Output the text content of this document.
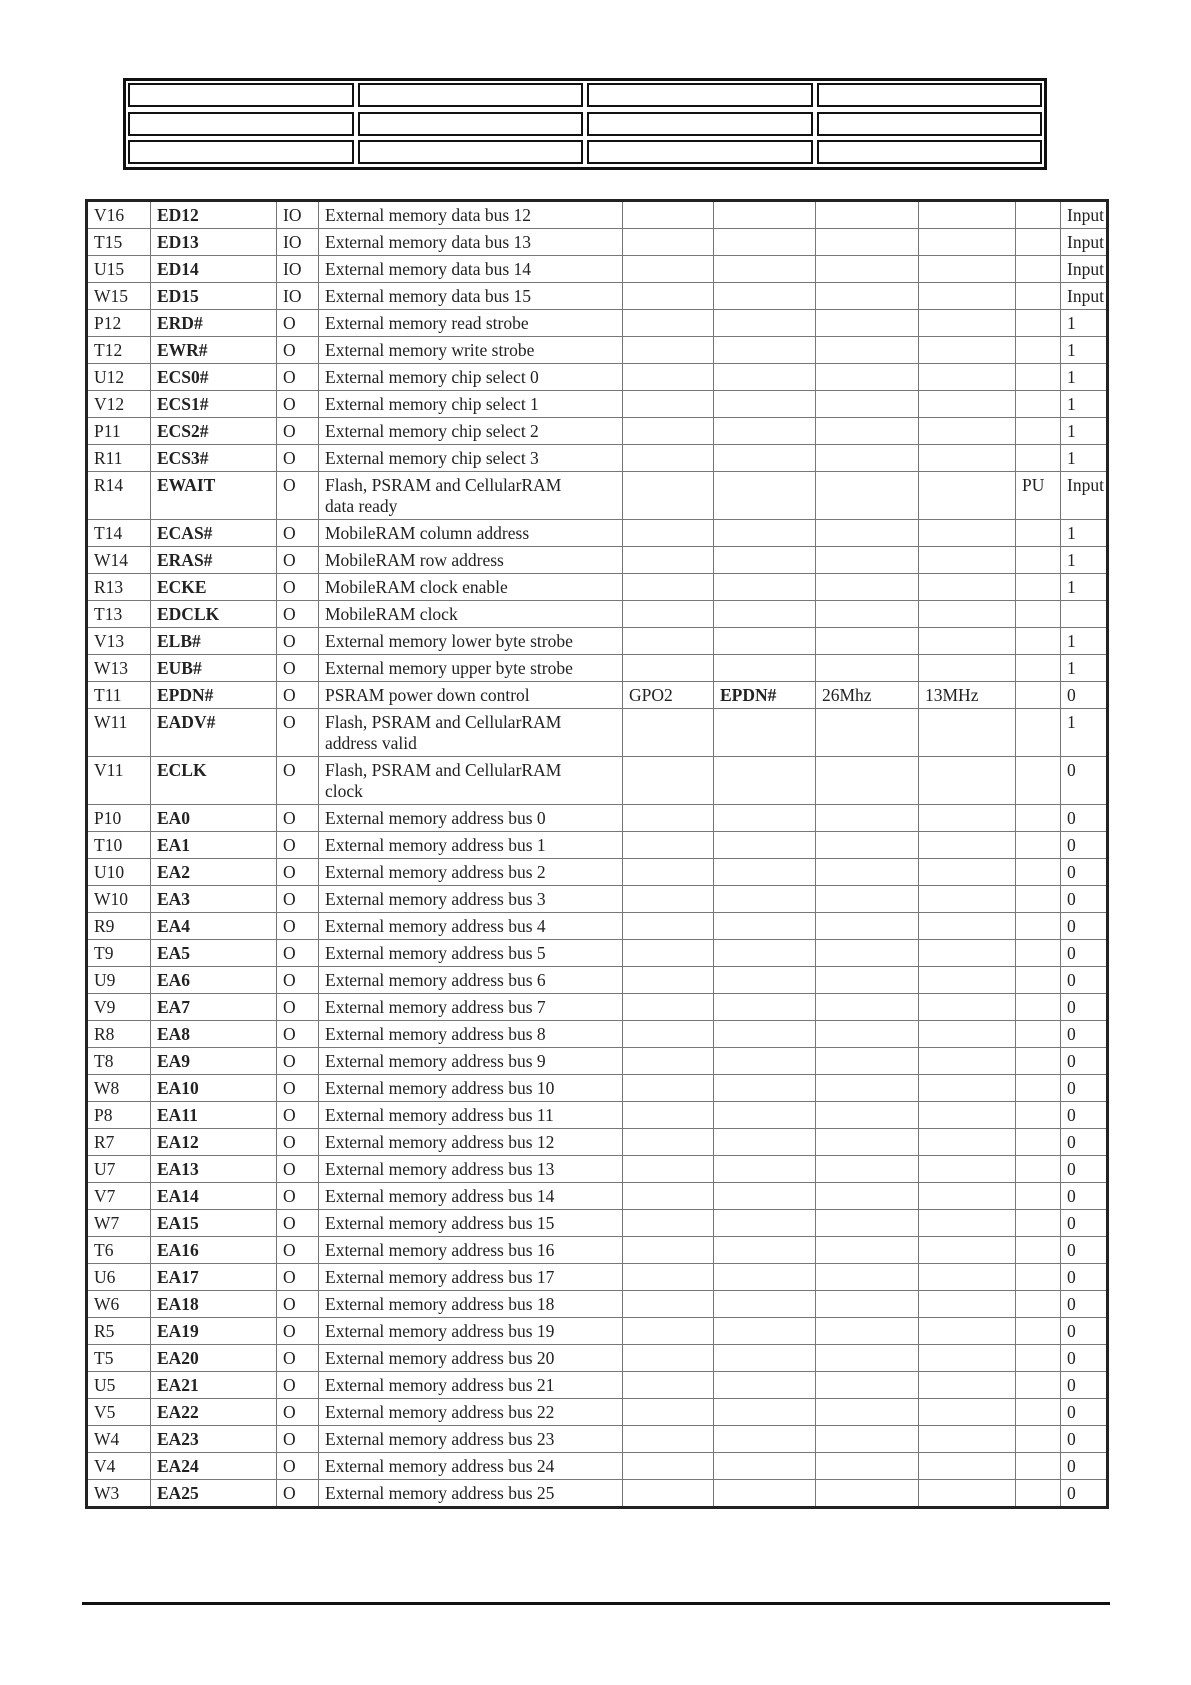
V16	ED12	IO	External memory data bus 12						Input
T15	ED13	IO	External memory data bus 13						Input
U15	ED14	IO	External memory data bus 14						Input
W15	ED15	IO	External memory data bus 15						Input
P12	ERD#	O	External memory read strobe						1
T12	EWR#	O	External memory write strobe						1
U12	ECS0#	O	External memory chip select 0						1
V12	ECS1#	O	External memory chip select 1						1
P11	ECS2#	O	External memory chip select 2						1
R11	ECS3#	O	External memory chip select 3						1
R14	EWAIT	O	Flash, PSRAM and CellularRAM
data ready					PU	Input
T14	ECAS#	O	MobileRAM column address						1
W14	ERAS#	O	MobileRAM row address						1
R13	ECKE	O	MobileRAM clock enable						1
T13	EDCLK	O	MobileRAM clock						
V13	ELB#	O	External memory lower byte strobe						1
W13	EUB#	O	External memory upper byte strobe						1
T11	EPDN#	O	PSRAM power down control	GPO2	EPDN#	26Mhz	13MHz		0
W11	EADV#	O	Flash, PSRAM and CellularRAM
address valid						1
V11	ECLK	O	Flash, PSRAM and CellularRAM
clock						0
P10	EA0	O	External memory address bus 0						0
T10	EA1	O	External memory address bus 1						0
U10	EA2	O	External memory address bus 2						0
W10	EA3	O	External memory address bus 3						0
R9	EA4	O	External memory address bus 4						0
T9	EA5	O	External memory address bus 5						0
U9	EA6	O	External memory address bus 6						0
V9	EA7	O	External memory address bus 7						0
R8	EA8	O	External memory address bus 8						0
T8	EA9	O	External memory address bus 9						0
W8	EA10	O	External memory address bus 10						0
P8	EA11	O	External memory address bus 11						0
R7	EA12	O	External memory address bus 12						0
U7	EA13	O	External memory address bus 13						0
V7	EA14	O	External memory address bus 14						0
W7	EA15	O	External memory address bus 15						0
T6	EA16	O	External memory address bus 16						0
U6	EA17	O	External memory address bus 17						0
W6	EA18	O	External memory address bus 18						0
R5	EA19	O	External memory address bus 19						0
T5	EA20	O	External memory address bus 20						0
U5	EA21	O	External memory address bus 21						0
V5	EA22	O	External memory address bus 22						0
W4	EA23	O	External memory address bus 23						0
V4	EA24	O	External memory address bus 24						0
W3	EA25	O	External memory address bus 25						0
